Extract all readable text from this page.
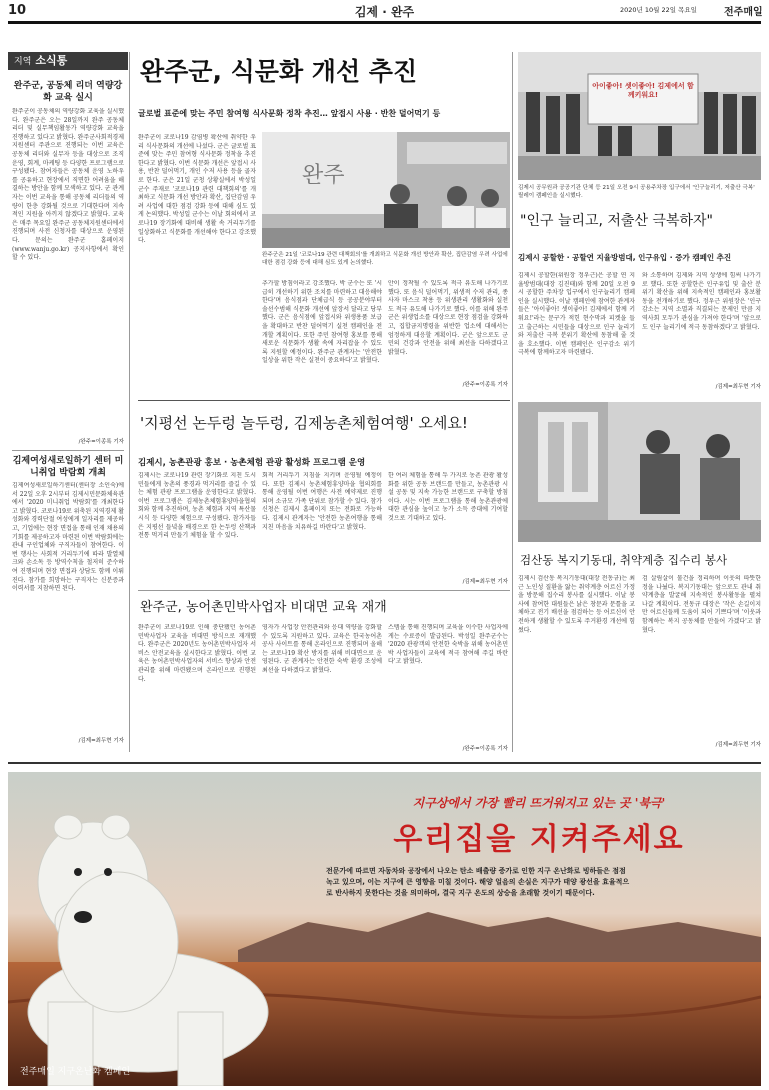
10	김제 · 완주	2020년 10월 22일 목요일	전주매일
지역 소식통
완주군, 공동체 리더 역량강화 교육 실시
완주군이 공동체의 역량강화 교육을 실시했다. 완주군은 오는 28일까지 완주 공동체 리더 및 실무책임활동가 역량강화 교육을 진행하고 있다고 밝혔다. 완주군사회적경제지원센터 주관으로 진행되는 이번 교육은 공동체 리더와 실무자 등을 대상으로 조직 운영, 회계, 마케팅 등 다양한 프로그램으로 구성됐다. 참여자들은 공동체 운영 노하우를 공유하고 현장에서 직면한 어려움을 해결하는 방안을 함께 모색하고 있다. 군 관계자는 이번 교육을 통해 공동체 리더들의 역량이 한층 강화될 것으로 기대한다며 지속적인 지원을 아끼지 않겠다고 밝혔다. 교육은 매주 목요일 완주군 공동체지원센터에서 진행되며 사전 신청자를 대상으로 운영된다. 문의는 완주군 홈페이지(www.wanju.go.kr) 공지사항에서 확인할 수 있다.
/완주=이종록 기자
김제여성새로일하기 센터 미니취업 박람회 개최
김제여성새로일하기센터(센터장 소인숙)에서 22일 오후 2시부터 김제시민문화체육관에서 '2020 미니취업 박람회'를 개최한다고 밝혔다. 코로나19로 위축된 지역경제 활성화와 경력단절 여성에게 일자리를 제공하고, 기업에는 현장 면접을 통해 인재 채용의 기회를 제공하고자 마련된 이번 박람회에는 관내 구인업체와 구직자들이 참여한다. 이번 행사는 사회적 거리두기에 따라 발열체크와 손소독 등 방역수칙을 철저히 준수하여 진행되며 현장 면접과 상담도 함께 이뤄진다. 참가를 희망하는 구직자는 신분증과 이력서를 지참하면 된다.
/김제=최두현 기자
완주군, 식문화 개선 추진
글로벌 표준에 맞는 주민 참여형 식사문화 정착 추진… 앞접시 사용 · 반찬 덜어먹기 등
완주군이 코로나19 감염병 확산에 취약한 우리 식사문화의 개선에 나섰다. 군은 글로벌 표준에 맞는 주민 참여형 식사문화 정착을 추진한다고 밝혔다. 이번 식문화 개선은 앞접시 사용, 반찬 덜어먹기, 개인 수저 사용 등을 골자로 한다. 군은 21일 군청 상황실에서 박성일 군수 주재로 '코로나19 관련 대책회의'를 개최하고 식문화 개선 방안과 확산, 집단감염 우려 사업에 대한 점검 강화 등에 대해 심도 있게 논의했다. 박성일 군수는 이날 회의에서 코로나19 장기화에 대비해 생활 속 거리두기를 일상화하고 식문화를 개선해야 한다고 강조했다.
완주
완주군은 21일 '코로나19 관련 대책회의'를 개최하고 식문화 개선 방안과 확산, 집단감염 우려 사업에 대한 점검 강화 등에 대해 심도 있게 논의했다.
추가할 방침이라고 강조했다. 박 군수는 또 '시급히 개선하기 위한 조치를 마련하고 대응해야 한다'며 음식점과 단체급식 등 공공분야부터 솔선수범해 식문화 개선에 앞장서 달라고 당부했다. 군은 음식점에 앞접시와 위생용품 보급을 확대하고 반찬 덜어먹기 실천 캠페인을 전개할 계획이다. 또한 주민 참여형 홍보를 통해 새로운 식문화가 생활 속에 자리잡을 수 있도록 지원할 예정이다. 완주군 관계자는 '안전한 일상을 위한 작은 실천이 중요하다'고 밝혔다.
안이 정착될 수 있도록 적극 유도해 나가기로 했다. 또 음식 덜어먹기, 위생적 수저 관리, 종사자 마스크 착용 등 위생관리 생활화와 실천도 적극 유도해 나가기로 했다. 이를 위해 완주군은 위생업소를 대상으로 현장 점검을 강화하고, 집합금지명령을 위반한 업소에 대해서는 엄정하게 대응할 계획이다. 군은 앞으로도 군민의 건강과 안전을 위해 최선을 다하겠다고 밝혔다.
/완주=이종록 기자
'지평선 논두렁 놀두렁, 김제농촌체험여행' 오세요!
김제시, 농촌관광 홍보 · 농촌체험 관광 활성화 프로그램 운영
김제시는 코로나19 관련 장기화로 지친 도시민들에게 농촌의 풍경과 먹거리를 즐길 수 있는 체험 관광 프로그램을 운영한다고 밝혔다. 이번 프로그램은 김제농촌체험휴양마을협의회와 함께 추진하며, 농촌 체험과 지역 특산물 시식 등 다양한 체험으로 구성됐다. 참가자들은 지평선 들녘을 배경으로 한 논두렁 산책과 전통 먹거리 만들기 체험을 할 수 있다.
회적 거리두기 지침을 지키며 운영될 예정이다. 또한 김제시 농촌체험휴양마을 협의회를 통해 운영될 이번 여행은 사전 예약제로 진행되며 소규모 가족 단위로 참가할 수 있다. 참가 신청은 김제시 홈페이지 또는 전화로 가능하다. 김제시 관계자는 '안전한 농촌여행을 통해 지친 마음을 치유하길 바란다'고 밝혔다.
한 여러 체험을 통해 두 가지로 농촌 관광 활성화를 위한 공동 브랜드를 만들고, 농촌관광 시설 공동 및 지속 가능한 브랜드로 구축할 방침이다. 시는 이번 프로그램을 통해 농촌관광에 대한 관심을 높이고 농가 소득 증대에 기여할 것으로 기대하고 있다.
/김제=최두현 기자
완주군, 농어촌민박사업자 비대면 교육 재개
완주군이 코로나19로 인해 중단됐던 농어촌민박사업자 교육을 비대면 방식으로 재개했다. 완주군은 2020년도 농어촌민박사업자 서비스 안전교육을 실시한다고 밝혔다. 이번 교육은 농어촌민박사업자의 서비스 향상과 안전관리를 위해 마련됐으며 온라인으로 진행된다.
영자가 사업장 안전관리와 응대 역량을 강화할 수 있도록 지원하고 있다. 교육은 한국농어촌공사 사이트를 통해 온라인으로 진행되며 올해는 코로나19 확산 방지를 위해 비대면으로 운영된다. 군 관계자는 안전한 숙박 환경 조성에 최선을 다하겠다고 밝혔다.
스템을 통해 진행되며 교육을 이수한 사업자에게는 수료증이 발급된다. 박성일 완주군수는 '2020 관광객의 안전한 숙박을 위해 농어촌민박 사업자들이 교육에 적극 참여해 주길 바란다'고 밝혔다.
/완주=이종록 기자
아이좋아! 셋이좋아! 김제에서 함께키워요!
김제시 공무원과 공공기관 단체 등 21일 오전 9시 공용주차장 입구에서 '인구늘리기, 저출산 극복' 릴레이 캠페인을 실시했다.
"인구 늘리고, 저출산 극복하자"
김제시 공할한 · 공할연 지율방범대, 인구유입 · 증가 캠페인 추진
김제시 공할한(위원장 정우근)은 공할 연 지율방범대(대장 김진태)와 함께 20일 오전 9시 공할한 주차장 입구에서 인구늘리기 캠페인을 실시했다. 이날 캠페인에 참여한 관계자들은 '아이좋아! 셋이좋아! 김제에서 함께 키워요!'라는 문구가 적힌 현수막과 피켓을 들고 출근하는 시민들을 대상으로 인구 늘리기와 저출산 극복 분위기 확산에 동참해 줄 것을 호소했다. 이번 캠페인은 인구감소 위기 극복에 함께하고자 마련됐다.
와 소통하며 김제와 지역 상생에 힘써 나가기로 했다. 또한 공할한은 인구유입 및 출산 분위기 확산을 위해 지속적인 캠페인과 홍보활동을 전개하기로 했다. 정우근 위원장은 '인구 감소는 지역 소멸과 직결되는 문제인 만큼 지역사회 모두가 관심을 가져야 한다'며 '앞으로도 인구 늘리기에 적극 동참하겠다'고 밝혔다.
/김제=최두현 기자
검산동 복지기동대, 취약계층 집수리 봉사
김제시 검산동 복지기동대(대장 전동규)는 최근 노인성 질환을 앓는 취약계층 어르신 가정을 방문해 집수리 봉사를 실시했다. 이날 봉사에 참여한 대원들은 낡은 창문과 문틀을 교체하고 전기 배선을 점검하는 등 어르신이 안전하게 생활할 수 있도록 주거환경 개선에 힘썼다.
검 살림살이 물건을 정리하며 이웃의 따뜻한 정을 나눴다. 복지기동대는 앞으로도 관내 취약계층을 발굴해 지속적인 봉사활동을 펼쳐 나갈 계획이다. 전동규 대장은 '작은 손길이지만 어르신들께 도움이 되어 기쁘다'며 '이웃과 함께하는 복지 공동체를 만들어 가겠다'고 밝혔다.
/김제=최두현 기자
지구상에서 가장 빨리 뜨거워지고 있는 곳 '북극'
우리집을 지켜주세요
전문가에 따르면 자동차와 공장에서 나오는 탄소 배출량 증가로 인한 지구 온난화로 빙하들은 점점
녹고 있으며, 이는 지구에 큰 영향을 미칠 것이다. 해양 얼음의 손실은 지구가 태양 광선을 효율적으
로 반사하지 못한다는 것을 의미하며, 결국 지구 온도의 상승을 초래할 것이기 때문이다.
전주매일 지구온난화 캠페인
